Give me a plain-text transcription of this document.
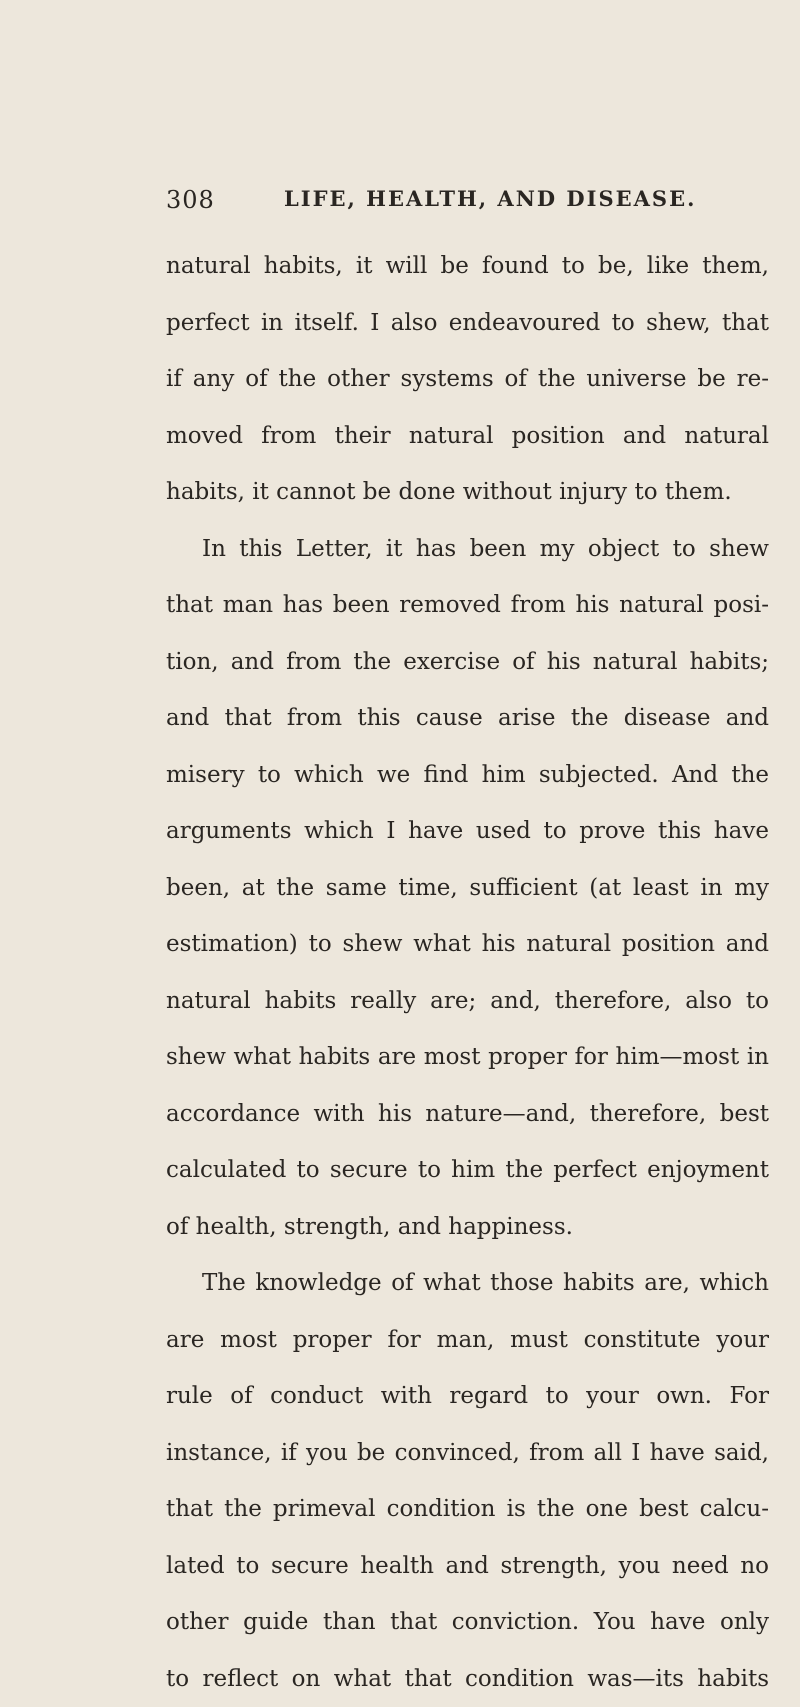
308	LIFE, HEALTH, AND DISEASE.
natural habits, it will be found to be, like them,
perfect in itself. I also endeavoured to shew, that
if any of the other systems of the universe be re-
moved from their natural position and natural
habits, it cannot be done without injury to them.
In this Letter, it has been my object to shew
that man has been removed from his natural posi-
tion, and from the exercise of his natural habits;
and that from this cause arise the disease and
misery to which we find him subjected. And the
arguments which I have used to prove this have
been, at the same time, sufficient (at least in my
estimation) to shew what his natural position and
natural habits really are; and, therefore, also to
shew what habits are most proper for him—most in
accordance with his nature—and, therefore, best
calculated to secure to him the perfect enjoyment
of health, strength, and happiness.
The knowledge of what those habits are, which
are most proper for man, must constitute your
rule of conduct with regard to your own. For
instance, if you be convinced, from all I have said,
that the primeval condition is the one best calcu-
lated to secure health and strength, you need no
other guide than that conviction. You have only
to reflect on what that condition was—its habits
